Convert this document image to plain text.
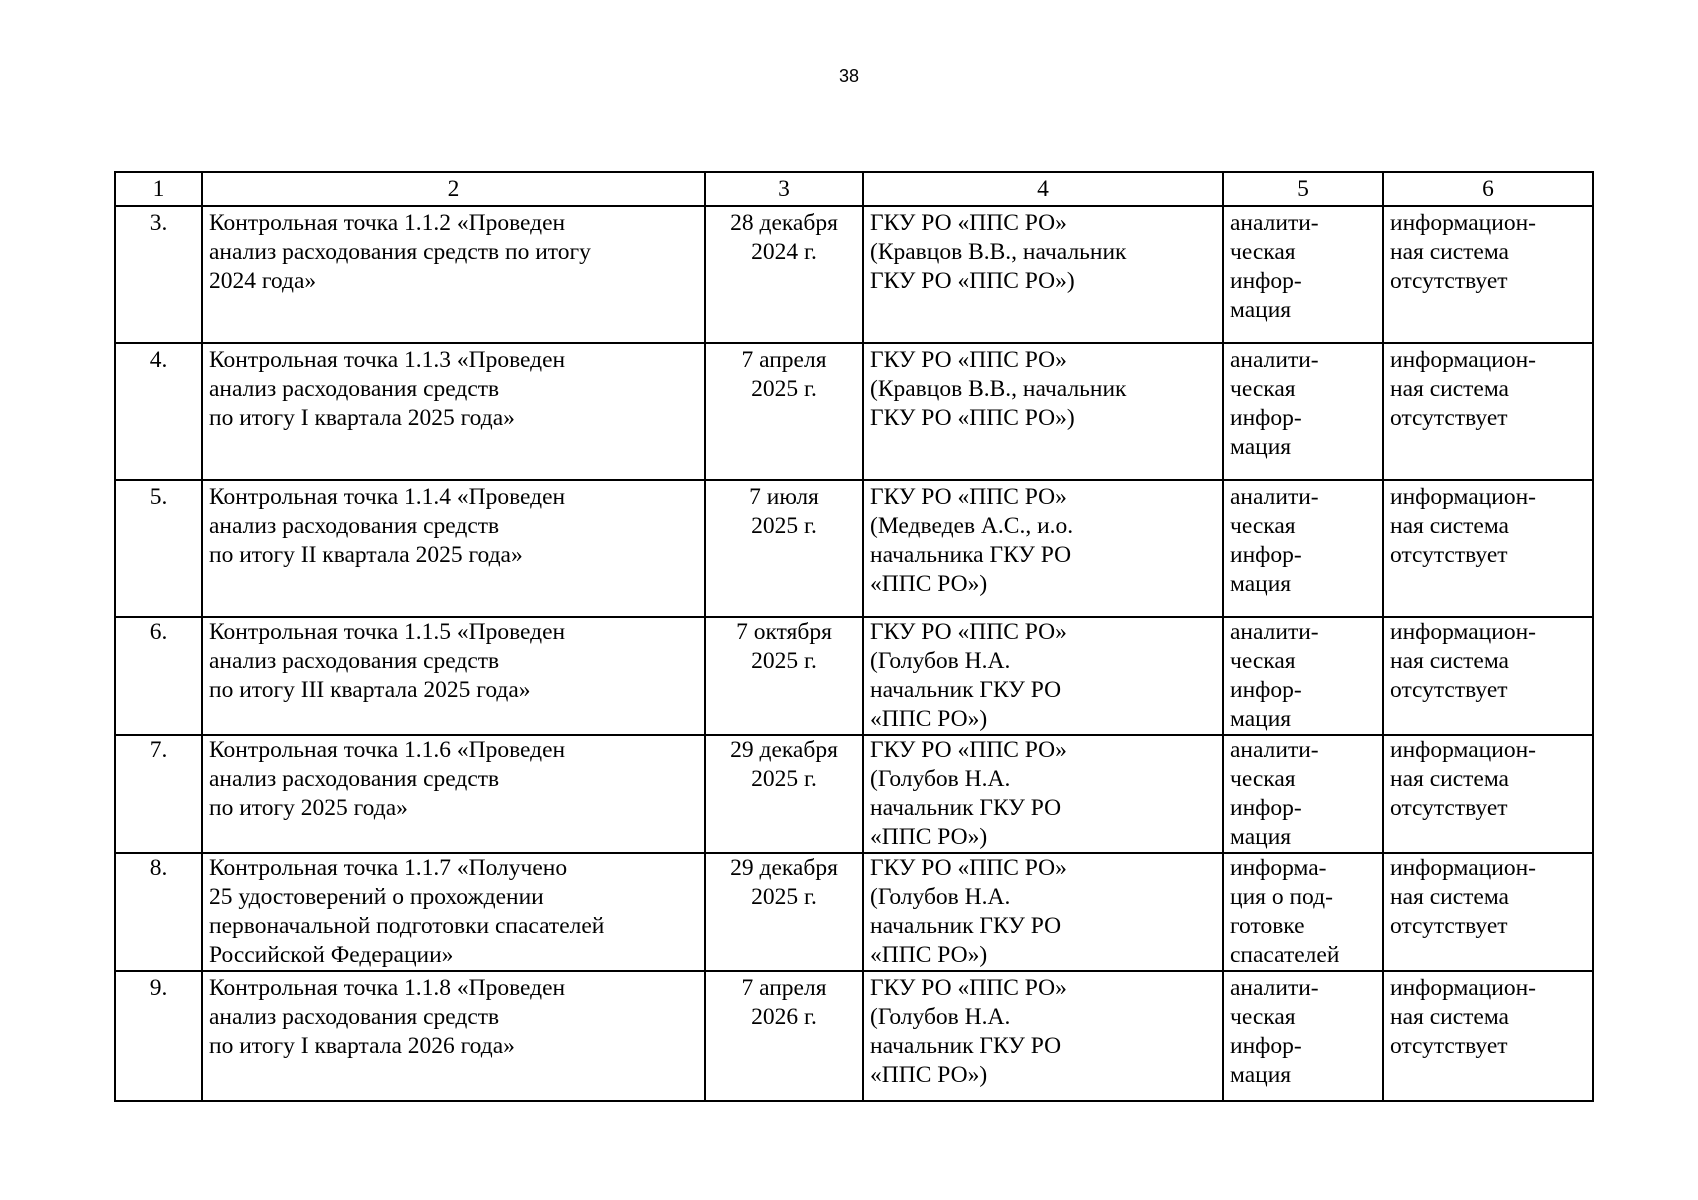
38
1	2	3	4	5	6
3.	Контрольная точка 1.1.2 «Проведен
анализ расходования средств по итогу
2024 года»	28 декабря
2024 г.	ГКУ РО «ППС РО»
(Кравцов В.В., начальник
ГКУ РО «ППС РО»)	аналити-
ческая
инфор-
мация	информацион-
ная система
отсутствует

4.	Контрольная точка 1.1.3 «Проведен
анализ расходования средств
по итогу I квартала 2025 года»	7 апреля
2025 г.	ГКУ РО «ППС РО»
(Кравцов В.В., начальник
ГКУ РО «ППС РО»)	аналити-
ческая
инфор-
мация	информацион-
ная система
отсутствует

5.	Контрольная точка 1.1.4 «Проведен
анализ расходования средств
по итогу II квартала 2025 года»	7 июля
2025 г.	ГКУ РО «ППС РО»
(Медведев А.С., и.о.
начальника ГКУ РО
«ППС РО»)	аналити-
ческая
инфор-
мация	информацион-
ная система
отсутствует

6.	Контрольная точка 1.1.5 «Проведен
анализ расходования средств
по итогу III квартала 2025 года»	7 октября
2025 г.	ГКУ РО «ППС РО»
(Голубов Н.А.
начальник ГКУ РО
«ППС РО»)	аналити-
ческая
инфор-
мация	информацион-
ная система
отсутствует

7.	Контрольная точка 1.1.6 «Проведен
анализ расходования средств
по итогу 2025 года»	29 декабря
2025 г.	ГКУ РО «ППС РО»
(Голубов Н.А.
начальник ГКУ РО
«ППС РО»)	аналити-
ческая
инфор-
мация	информацион-
ная система
отсутствует

8.	Контрольная точка 1.1.7 «Получено
25 удостоверений о прохождении
первоначальной подготовки спасателей
Российской Федерации»	29 декабря
2025 г.	ГКУ РО «ППС РО»
(Голубов Н.А.
начальник ГКУ РО
«ППС РО»)	информа-
ция о под-
готовке
спасателей	информацион-
ная система
отсутствует

9.	Контрольная точка 1.1.8 «Проведен
анализ расходования средств
по итогу I квартала 2026 года»	7 апреля
2026 г.	ГКУ РО «ППС РО»
(Голубов Н.А.
начальник ГКУ РО
«ППС РО»)	аналити-
ческая
инфор-
мация	информацион-
ная система
отсутствует
